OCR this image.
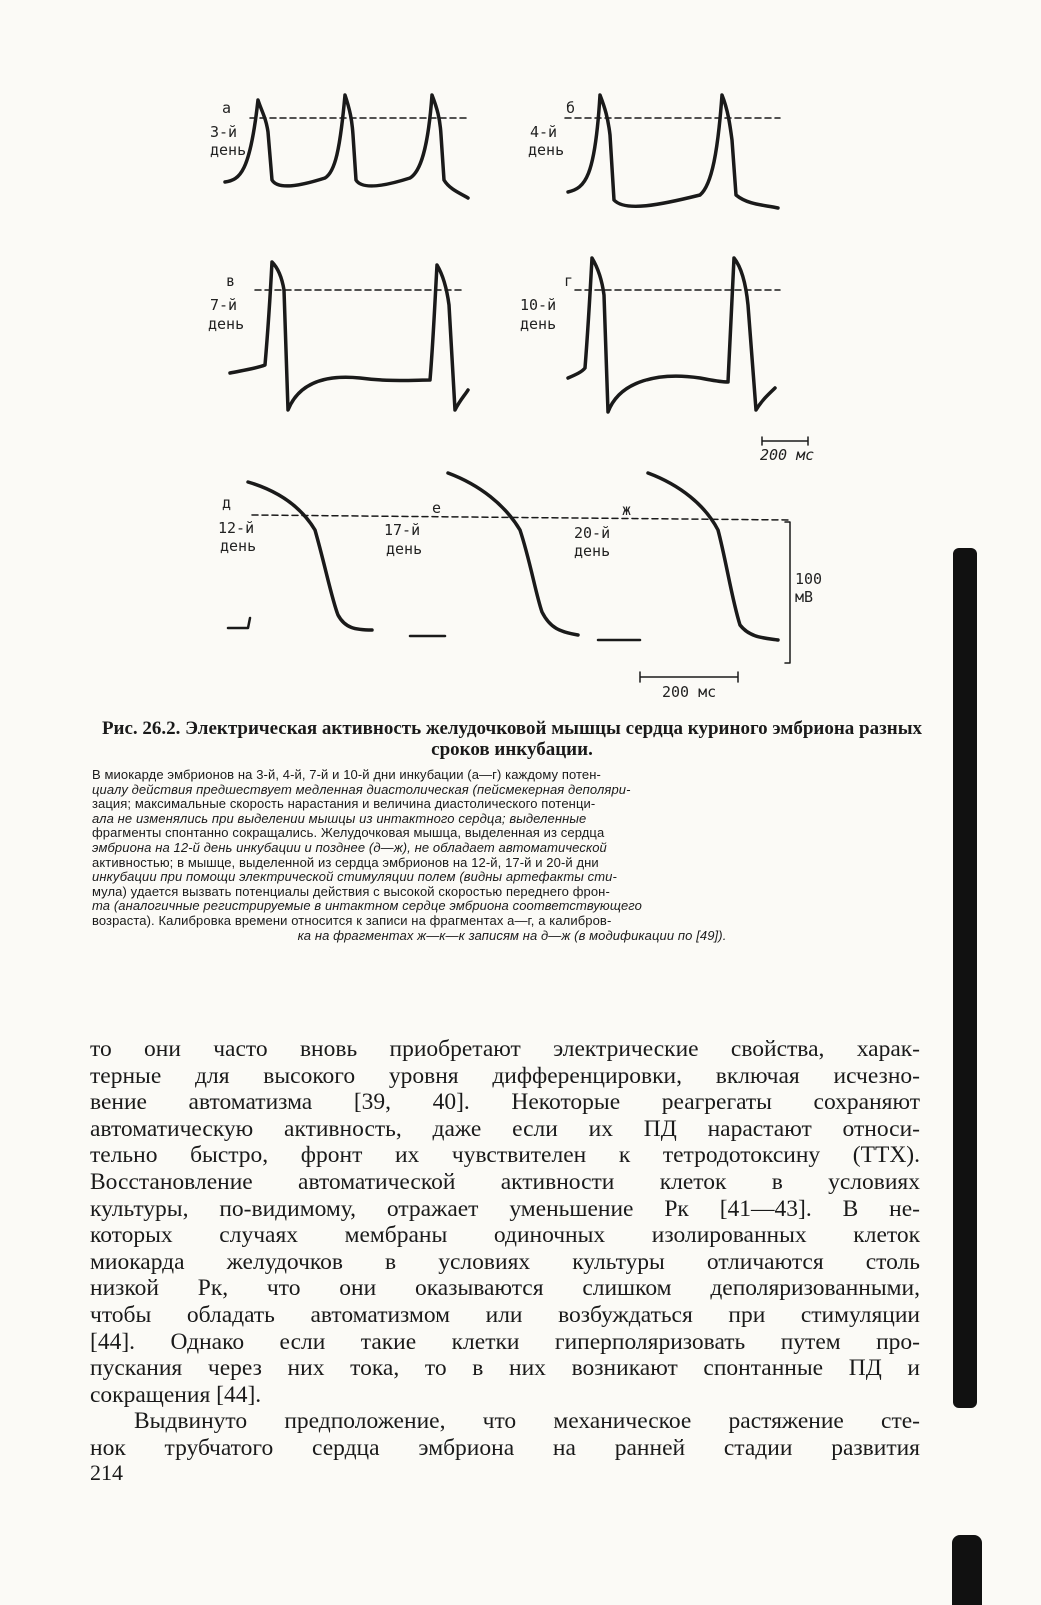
а
3-й
день
б
4-й
день
в
7-й
день
г
10-й
день
д
12-й
день
е
17-й
день
ж
20-й
день
200 мс
100 мВ
200 мс
Рис. 26.2. Электрическая активность желудочковой мышцы сердца куриного эмбриона разных сроков инкубации.
В миокарде эмбрионов на 3-й, 4-й, 7-й и 10-й дни инкубации (а—г) каждому потен-
циалу действия предшествует медленная диастолическая (пейсмекерная деполяри-
зация; максимальные скорость нарастания и величина диастолического потенци-
ала не изменялись при выделении мышцы из интактного сердца; выделенные
фрагменты спонтанно сокращались. Желудочковая мышца, выделенная из сердца
эмбриона на 12-й день инкубации и позднее (д—ж), не обладает автоматической
активностью; в мышце, выделенной из сердца эмбрионов на 12-й, 17-й и 20-й дни
инкубации при помощи электрической стимуляции полем (видны артефакты сти-
мула) удается вызвать потенциалы действия с высокой скоростью переднего фрон-
та (аналогичные регистрируемые в интактном сердце эмбриона соответствующего
возраста). Калибровка времени относится к записи на фрагментах а—г, а калибров-
ка на фрагментах ж—к—к записям на д—ж (в модификации по [49]).
то они часто вновь приобретают электрические свойства, харак-
терные для высокого уровня дифференцировки, включая исчезно-
вение автоматизма [39, 40]. Некоторые реагрегаты сохраняют
автоматическую активность, даже если их ПД нарастают относи-
тельно быстро, фронт их чувствителен к тетродотоксину (ТТХ).
Восстановление автоматической активности клеток в условиях
культуры, по-видимому, отражает уменьшение Pк [41—43]. В не-
которых случаях мембраны одиночных изолированных клеток
миокарда желудочков в условиях культуры отличаются столь
низкой Pк, что они оказываются слишком деполяризованными,
чтобы обладать автоматизмом или возбуждаться при стимуляции
[44]. Однако если такие клетки гиперполяризовать путем про-
пускания через них тока, то в них возникают спонтанные ПД и
сокращения [44].
Выдвинуто предположение, что механическое растяжение сте-
нок трубчатого сердца эмбриона на ранней стадии развития
214
